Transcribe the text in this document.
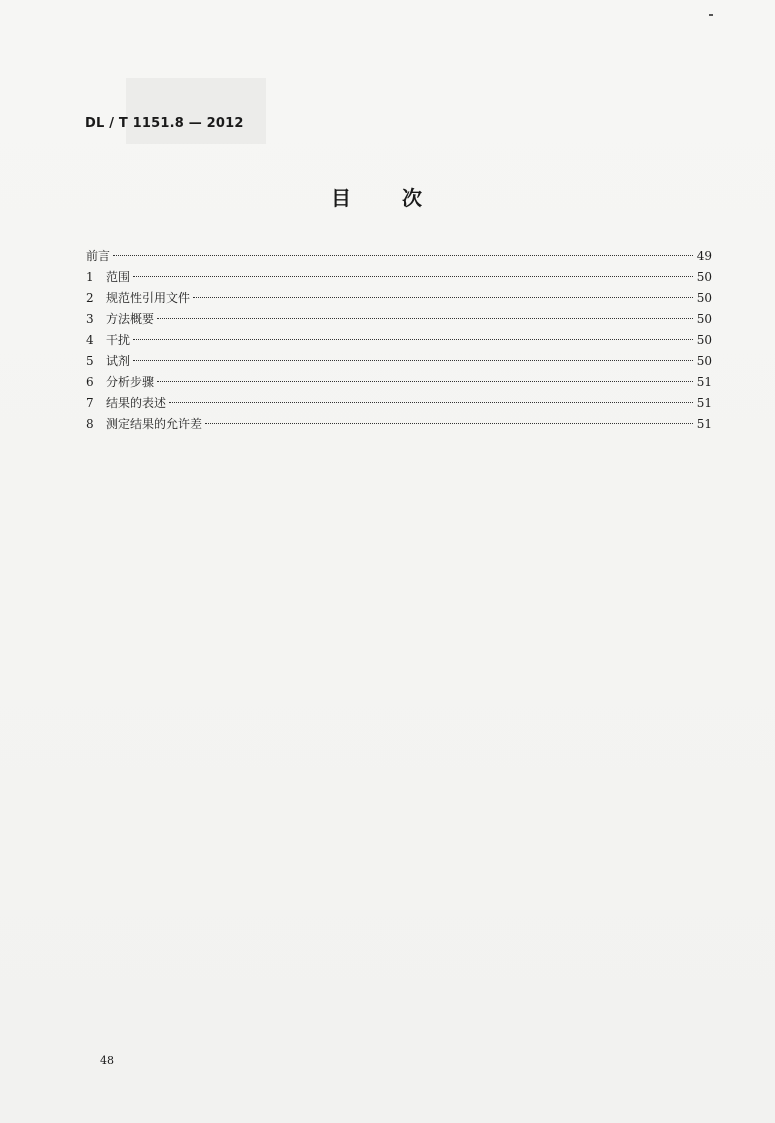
DL / T 1151.8 — 2012
目 次
前言	49
1	范围	50
2	规范性引用文件	50
3	方法概要	50
4	干扰	50
5	试剂	50
6	分析步骤	51
7	结果的表述	51
8	测定结果的允许差	51
48
